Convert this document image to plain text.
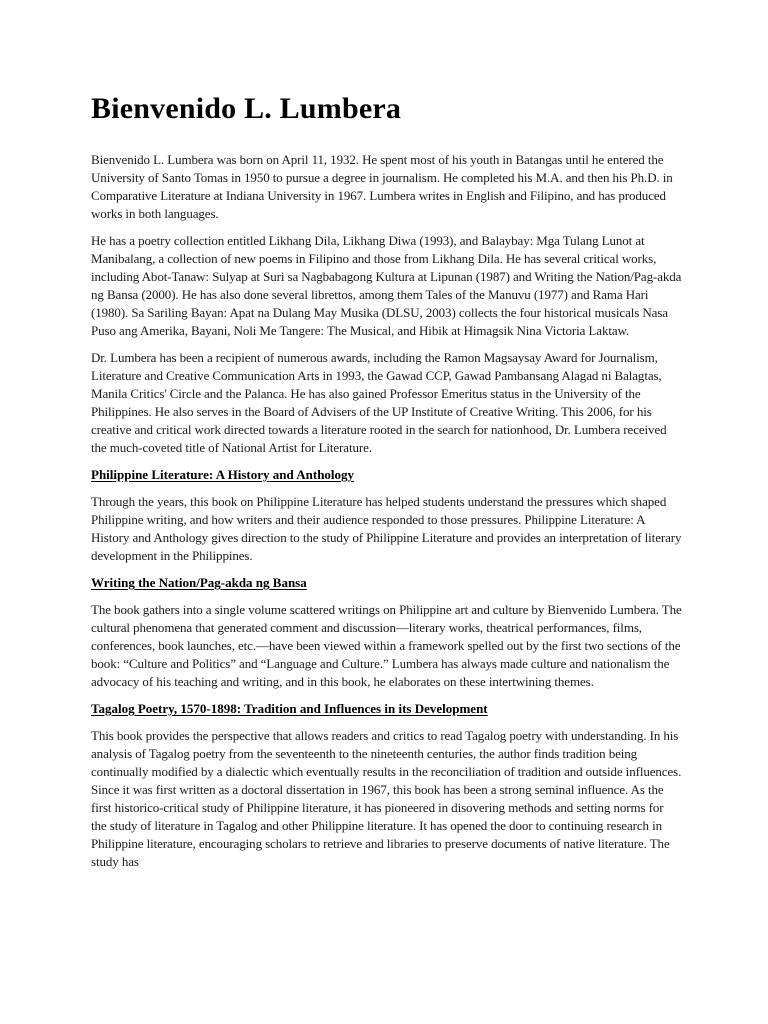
Bienvenido L. Lumbera

Bienvenido L. Lumbera was born on April 11, 1932. He spent most of his youth in Batangas until he entered the University of Santo Tomas in 1950 to pursue a degree in journalism. He completed his M.A. and then his Ph.D. in Comparative Literature at Indiana University in 1967. Lumbera writes in English and Filipino, and has produced works in both languages.

He has a poetry collection entitled Likhang Dila, Likhang Diwa (1993), and Balaybay: Mga Tulang Lunot at Manibalang, a collection of new poems in Filipino and those from Likhang Dila. He has several critical works, including Abot-Tanaw: Sulyap at Suri sa Nagbabagong Kultura at Lipunan (1987) and Writing the Nation/Pag-akda ng Bansa (2000). He has also done several librettos, among them Tales of the Manuvu (1977) and Rama Hari (1980). Sa Sariling Bayan: Apat na Dulang May Musika (DLSU, 2003) collects the four historical musicals Nasa Puso ang Amerika, Bayani, Noli Me Tangere: The Musical, and Hibik at Himagsik Nina Victoria Laktaw.

Dr. Lumbera has been a recipient of numerous awards, including the Ramon Magsaysay Award for Journalism, Literature and Creative Communication Arts in 1993, the Gawad CCP, Gawad Pambansang Alagad ni Balagtas, Manila Critics' Circle and the Palanca. He has also gained Professor Emeritus status in the University of the Philippines. He also serves in the Board of Advisers of the UP Institute of Creative Writing. This 2006, for his creative and critical work directed towards a literature rooted in the search for nationhood, Dr. Lumbera received the much-coveted title of National Artist for Literature.

Philippine Literature: A History and Anthology

Through the years, this book on Philippine Literature has helped students understand the pressures which shaped Philippine writing, and how writers and their audience responded to those pressures. Philippine Literature: A History and Anthology gives direction to the study of Philippine Literature and provides an interpretation of literary development in the Philippines.

Writing the Nation/Pag-akda ng Bansa

The book gathers into a single volume scattered writings on Philippine art and culture by Bienvenido Lumbera. The cultural phenomena that generated comment and discussion—literary works, theatrical performances, films, conferences, book launches, etc.—have been viewed within a framework spelled out by the first two sections of the book: “Culture and Politics” and “Language and Culture.” Lumbera has always made culture and nationalism the advocacy of his teaching and writing, and in this book, he elaborates on these intertwining themes.

Tagalog Poetry, 1570-1898: Tradition and Influences in its Development

This book provides the perspective that allows readers and critics to read Tagalog poetry with understanding. In his analysis of Tagalog poetry from the seventeenth to the nineteenth centuries, the author finds tradition being continually modified by a dialectic which eventually results in the reconciliation of tradition and outside influences. Since it was first written as a doctoral dissertation in 1967, this book has been a strong seminal influence. As the first historico-critical study of Philippine literature, it has pioneered in disovering methods and setting norms for the study of literature in Tagalog and other Philippine literature. It has opened the door to continuing research in Philippine literature, encouraging scholars to retrieve and libraries to preserve documents of native literature. The study has
